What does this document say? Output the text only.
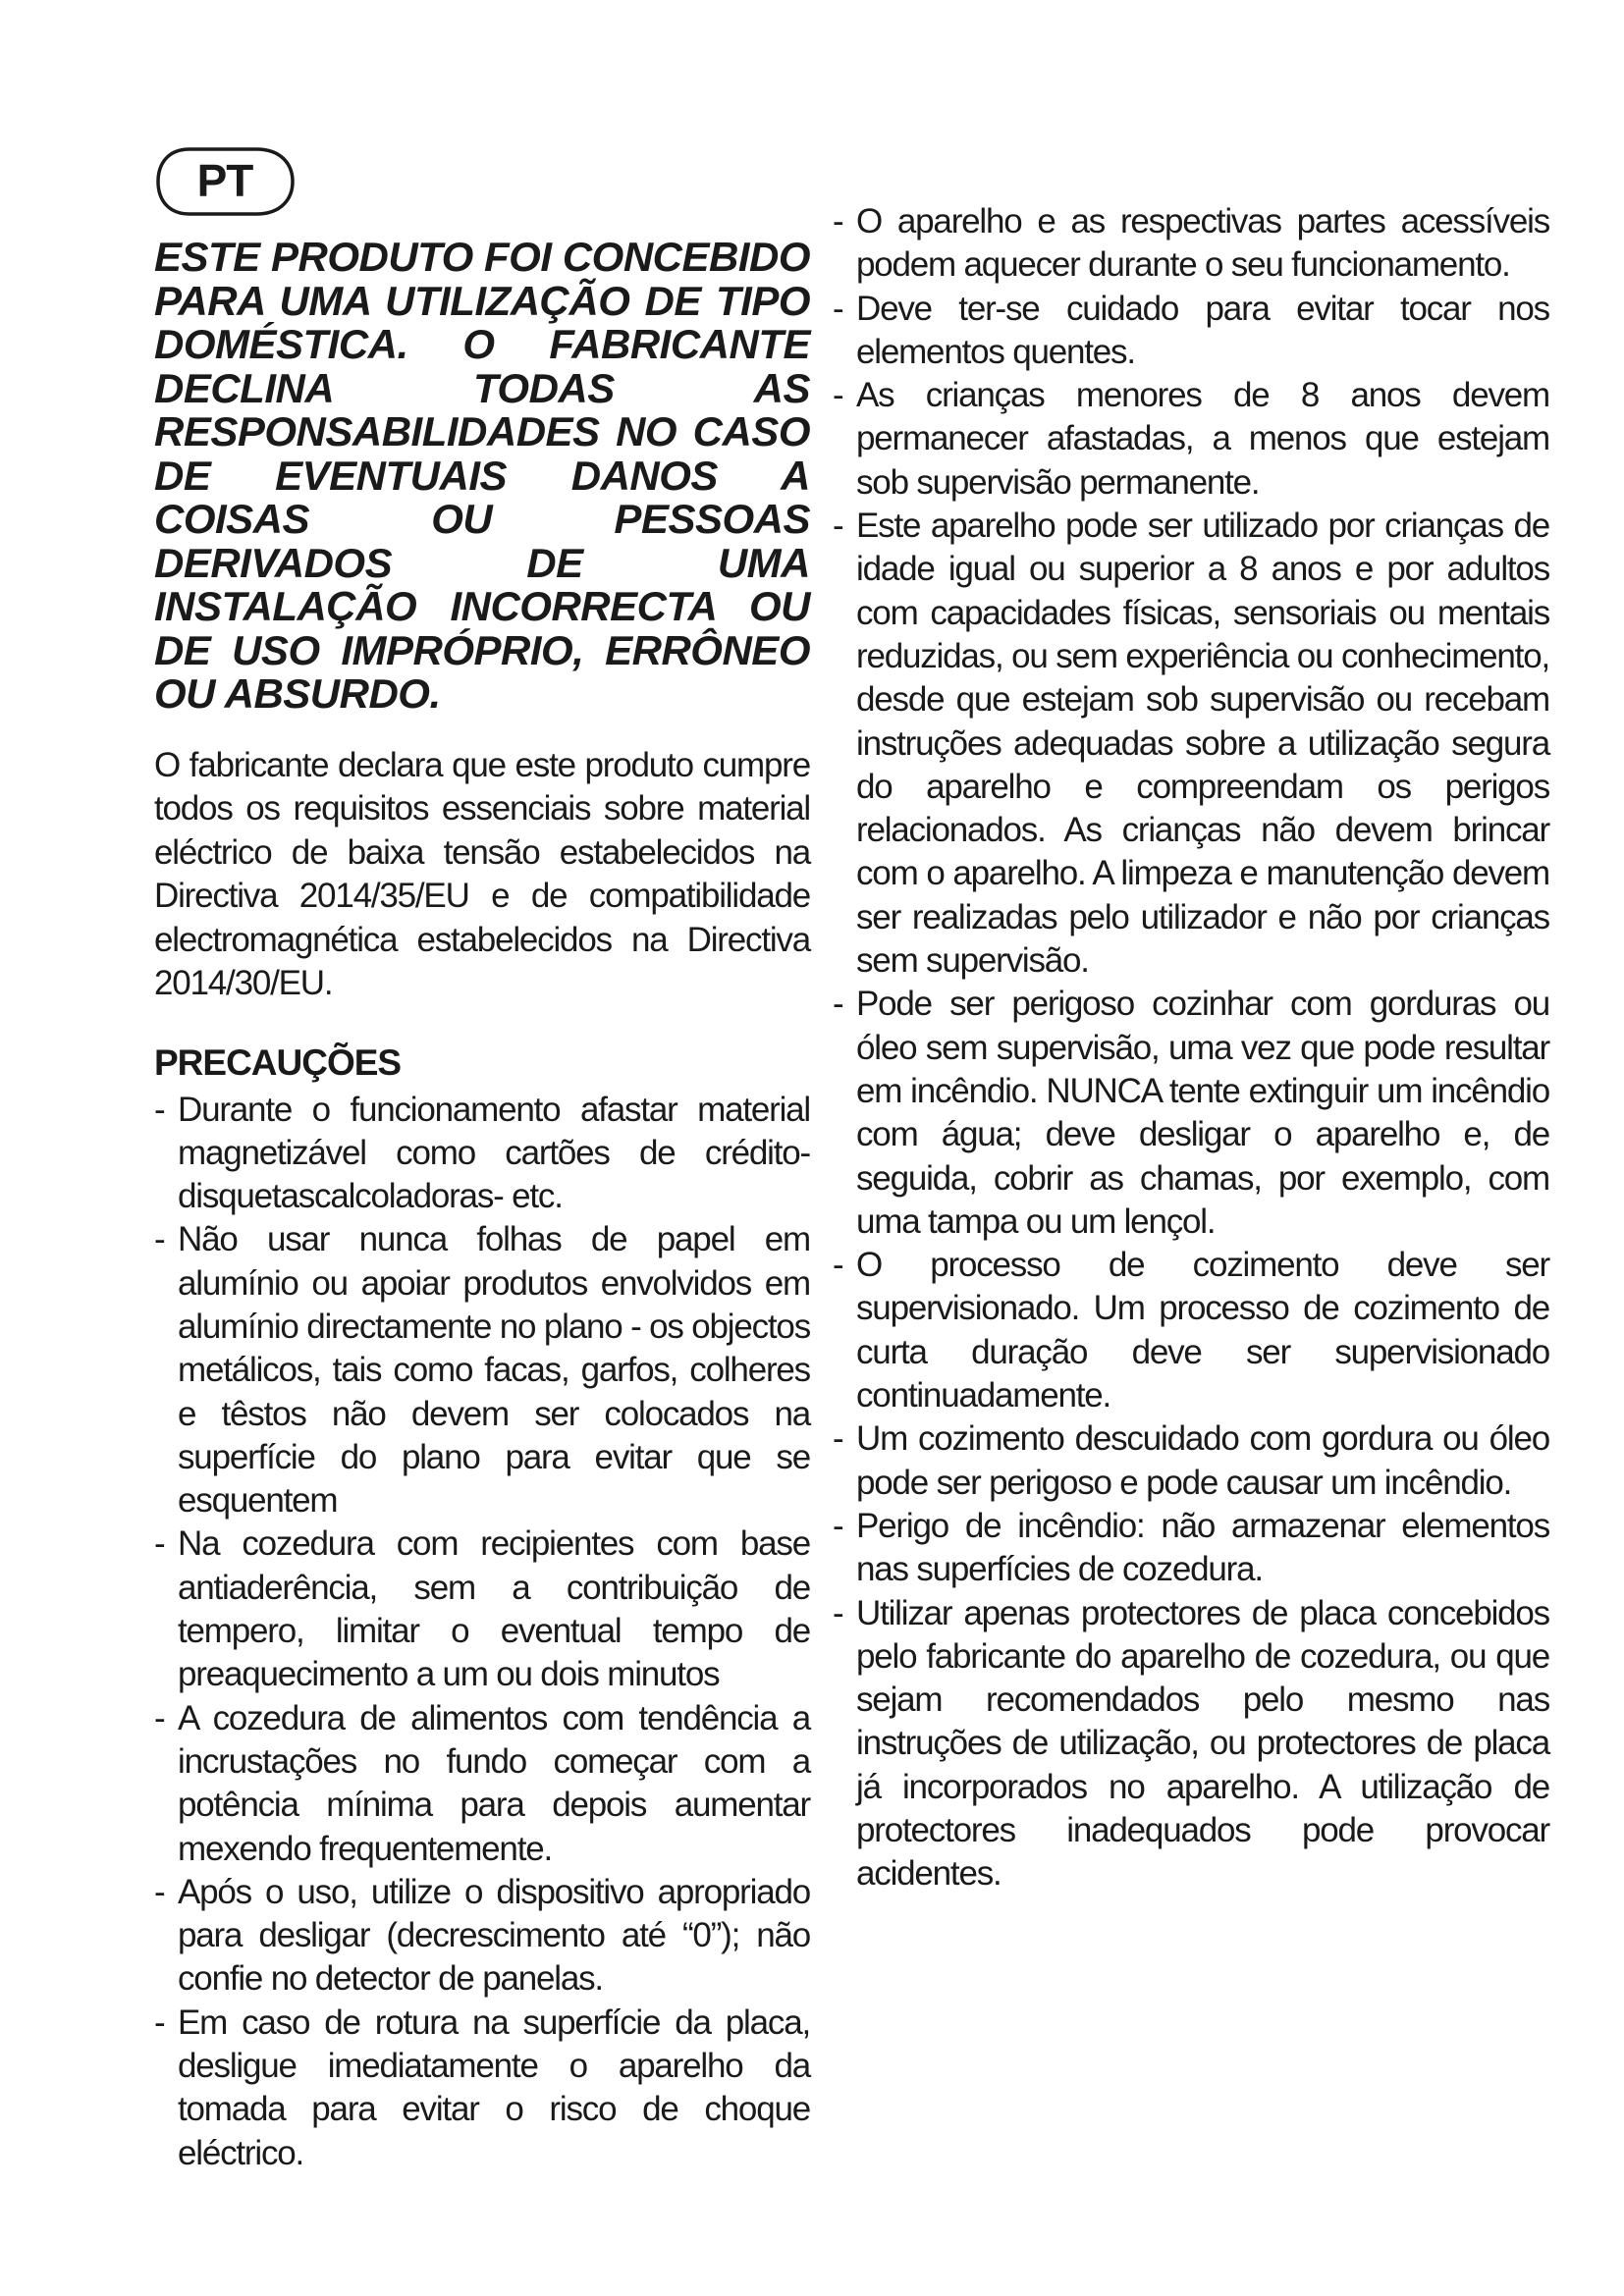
PT

ESTE PRODUTO FOI CONCEBIDO PARA UMA UTILIZAÇÃO DE TIPO DOMÉSTICA. O FABRICANTE DECLINA TODAS AS RESPONSABILIDADES NO CASO DE EVENTUAIS DANOS A COISAS OU PESSOAS DERIVADOS DE UMA INSTALAÇÃO INCORRECTA OU DE USO IMPRÓPRIO, ERRÔNEO OU ABSURDO.

O fabricante declara que este produto cumpre todos os requisitos essenciais sobre material eléctrico de baixa tensão estabelecidos na Directiva 2014/35/EU e de compatibilidade electromagnética estabelecidos na Directiva 2014/30/EU.

PRECAUÇÕES
- Durante o funcionamento afastar material magnetizável como cartões de crédito- disquetascalcoladoras- etc.
- Não usar nunca folhas de papel em alumínio ou apoiar produtos envolvidos em alumínio directamente no plano - os objectos metálicos, tais como facas, garfos, colheres e têstos não devem ser colocados na superfície do plano para evitar que se esquentem
- Na cozedura com recipientes com base antiaderência, sem a contribuição de tempero, limitar o eventual tempo de preaquecimento a um ou dois minutos
- A cozedura de alimentos com tendência a incrustações no fundo começar com a potência mínima para depois aumentar mexendo frequentemente.
- Após o uso, utilize o dispositivo apropriado para desligar (decrescimento até “0”); não confie no detector de panelas.
- Em caso de rotura na superfície da placa, desligue imediatamente o aparelho da tomada para evitar o risco de choque eléctrico.
- O aparelho e as respectivas partes acessíveis podem aquecer durante o seu funcionamento.
- Deve ter-se cuidado para evitar tocar nos elementos quentes.
- As crianças menores de 8 anos devem permanecer afastadas, a menos que estejam sob supervisão permanente.
- Este aparelho pode ser utilizado por crianças de idade igual ou superior a 8 anos e por adultos com capacidades físicas, sensoriais ou mentais reduzidas, ou sem experiência ou conhecimento, desde que estejam sob supervisão ou recebam instruções adequadas sobre a utilização segura do aparelho e compreendam os perigos relacionados. As crianças não devem brincar com o aparelho. A limpeza e manutenção devem ser realizadas pelo utilizador e não por crianças sem supervisão.
- Pode ser perigoso cozinhar com gorduras ou óleo sem supervisão, uma vez que pode resultar em incêndio. NUNCA tente extinguir um incêndio com água; deve desligar o aparelho e, de seguida, cobrir as chamas, por exemplo, com uma tampa ou um lençol.
- O processo de cozimento deve ser supervisionado. Um processo de cozimento de curta duração deve ser supervisionado continuadamente.
- Um cozimento descuidado com gordura ou óleo pode ser perigoso e pode causar um incêndio.
- Perigo de incêndio: não armazenar elementos nas superfícies de cozedura.
- Utilizar apenas protectores de placa concebidos pelo fabricante do aparelho de cozedura, ou que sejam recomendados pelo mesmo nas instruções de utilização, ou protectores de placa já incorporados no aparelho. A utilização de protectores inadequados pode provocar acidentes.
